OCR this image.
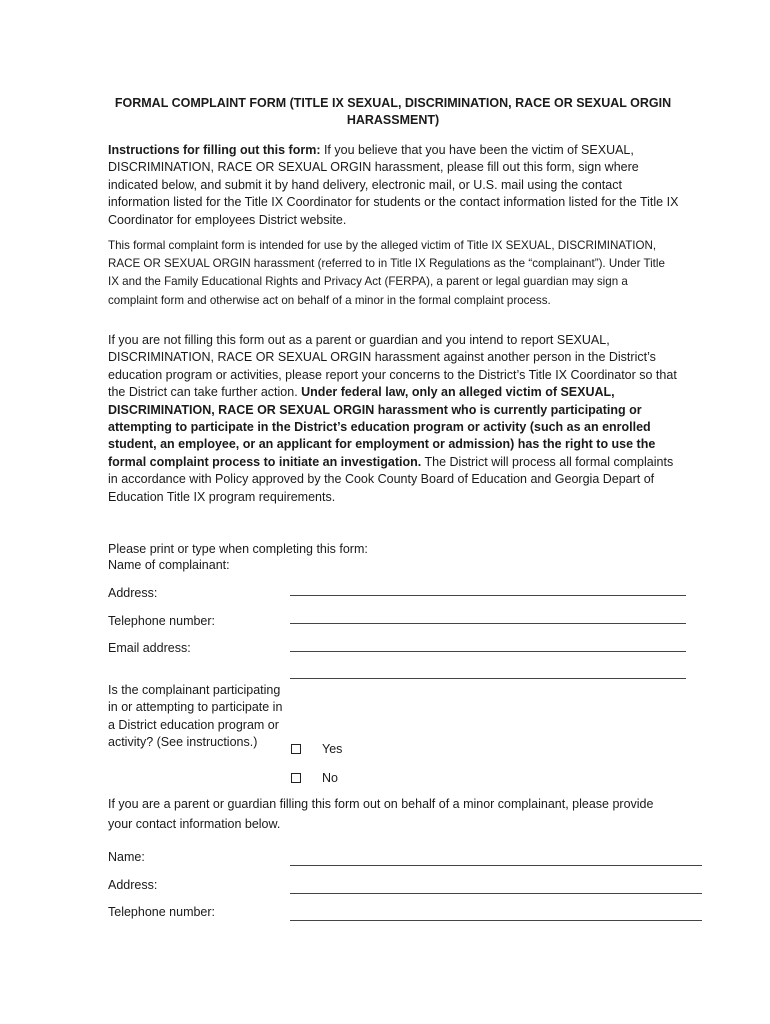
FORMAL COMPLAINT FORM (TITLE IX SEXUAL, DISCRIMINATION, RACE OR SEXUAL ORGIN HARASSMENT)
Instructions for filling out this form: If you believe that you have been the victim of SEXUAL, DISCRIMINATION, RACE OR SEXUAL ORGIN harassment, please fill out this form, sign where indicated below, and submit it by hand delivery, electronic mail, or U.S. mail using the contact information listed for the Title IX Coordinator for students or the contact information listed for the Title IX Coordinator for employees District website.
This formal complaint form is intended for use by the alleged victim of Title IX SEXUAL, DISCRIMINATION, RACE OR SEXUAL ORGIN harassment (referred to in Title IX Regulations as the “complainant”). Under Title IX and the Family Educational Rights and Privacy Act (FERPA), a parent or legal guardian may sign a complaint form and otherwise act on behalf of a minor in the formal complaint process.
If you are not filling this form out as a parent or guardian and you intend to report SEXUAL, DISCRIMINATION, RACE OR SEXUAL ORGIN harassment against another person in the District’s education program or activities, please report your concerns to the District’s Title IX Coordinator so that the District can take further action. Under federal law, only an alleged victim of SEXUAL, DISCRIMINATION, RACE OR SEXUAL ORGIN harassment who is currently participating or attempting to participate in the District’s education program or activity (such as an enrolled student, an employee, or an applicant for employment or admission) has the right to use the formal complaint process to initiate an investigation. The District will process all formal complaints in accordance with Policy approved by the Cook County Board of Education and Georgia Depart of Education Title IX program requirements.
Please print or type when completing this form:
Name of complainant:
Address:
Telephone number:
Email address:
Is the complainant participating in or attempting to participate in a District education program or activity? (See instructions.)	Yes
No
If you are a parent or guardian filling this form out on behalf of a minor complainant, please provide your contact information below.
Name:
Address:
Telephone number:
